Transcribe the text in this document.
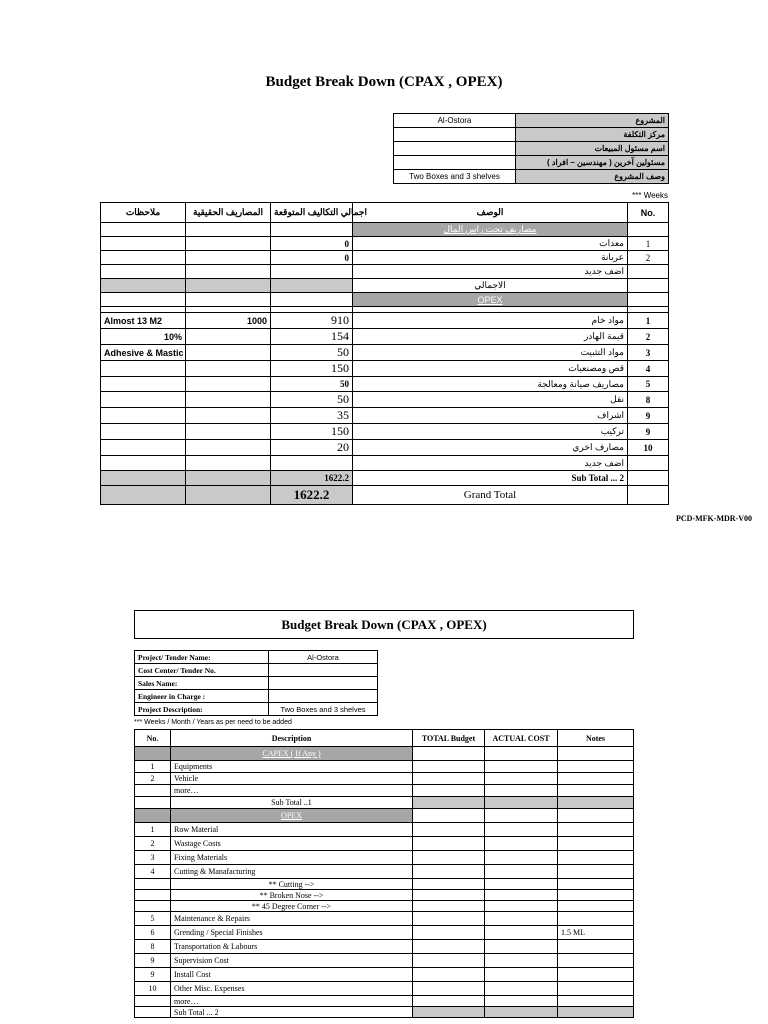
Budget Break Down (CPAX , OPEX)
Al-Ostora	المشروع
	مركز التكلفة
	اسم مسئول المبيعات
	مسئولين آخرين ( مهندسين – افراد )
Two Boxes and 3 shelves	وصف المشروع
*** Weeks
ملاحظات	المصاريف الحقيقية	اجمالي التكاليف المتوقعة	الوصف	No.
			مصاريف تحت راس المال	
		0	معدات	1
		0	عربانة	2
			اضف جديد	
			الاجمالي	
			OPEX	

Almost 13 M2	1000	910	مواد خام	1
10%		154	قيمة الهادر	2
Adhesive & Mastic		50	مواد التثبيت	3
		150	قص ومصنعيات	4
		50	مصاريف صيانة ومعالجة	5
		50	نقل	8
		35	اشراف	9
		150	تركيب	9
		20	مصارف اخري	10
			اضف جديد	
		1622.2	Sub Total ... 2	
		1622.2	Grand Total	
PCD-MFK-MDR-V00
Budget Break Down (CPAX , OPEX)
Project/ Tender Name:	Al-Ostora
Cost Center/ Tender No.	
Sales Name:	
Engineer in Charge :	
Project Description:	Two Boxes and 3 shelves
*** Weeks / Month / Years as per need to be added
No.	Description	TOTAL Budget	ACTUAL COST	Notes
	CAPEX ( If Any )			
1	Equipments			
2	Vehicle			
	more…			
	Sub Total ..1			
	OPEX			
1	Row Material			
2	Wastage Costs			
3	Fixing Materials			
4	Cutting & Manafacturing			
	** Cutting -->			
	** Broken Nose -->			
	** 45 Degree Corner -->			
5	Maintenance & Repairs			
6	Grending / Special Finishes			1.5 ML
8	Transportation & Labours			
9	Supervision Cost			
9	Install Cost			
10	Other Misc. Expenses			
	more…			
	Sub Total ... 2			
